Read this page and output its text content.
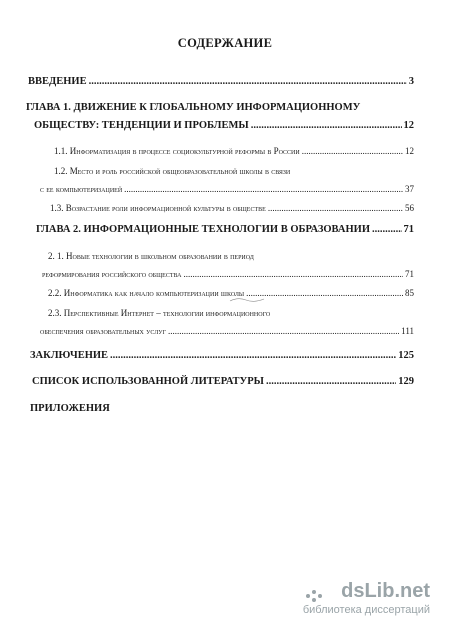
СОДЕРЖАНИЕ
ВВЕДЕНИЕ .....	3
ГЛАВА 1. ДВИЖЕНИЕ К ГЛОБАЛЬНОМУ ИНФОРМАЦИОННОМУ
ОБЩЕСТВУ: ТЕНДЕНЦИИ И ПРОБЛЕМЫ .....	12
1.1. Информатизация в процессе социокультурной реформы в России .....	12
1.2. Место и роль российской общеобразовательной школы в связи
с ее компьютеризацией .....	37
1.3. Возрастание роли информационной культуры в обществе .....	56
ГЛАВА 2. ИНФОРМАЦИОННЫЕ ТЕХНОЛОГИИ В ОБРАЗОВАНИИ .....	71
2. 1. Новые технологии в школьном образовании в период
реформирования российского общества .....	71
2.2. Информатика как начало компьютеризации школы .....	85
2.3. Перспективные Интернет – технологии информационного
обеспечения образовательных услуг .....	111
ЗАКЛЮЧЕНИЕ .....	125
СПИСОК ИСПОЛЬЗОВАННОЙ ЛИТЕРАТУРЫ .....	129
ПРИЛОЖЕНИЯ
dsLib.net
библиотека диссертаций
